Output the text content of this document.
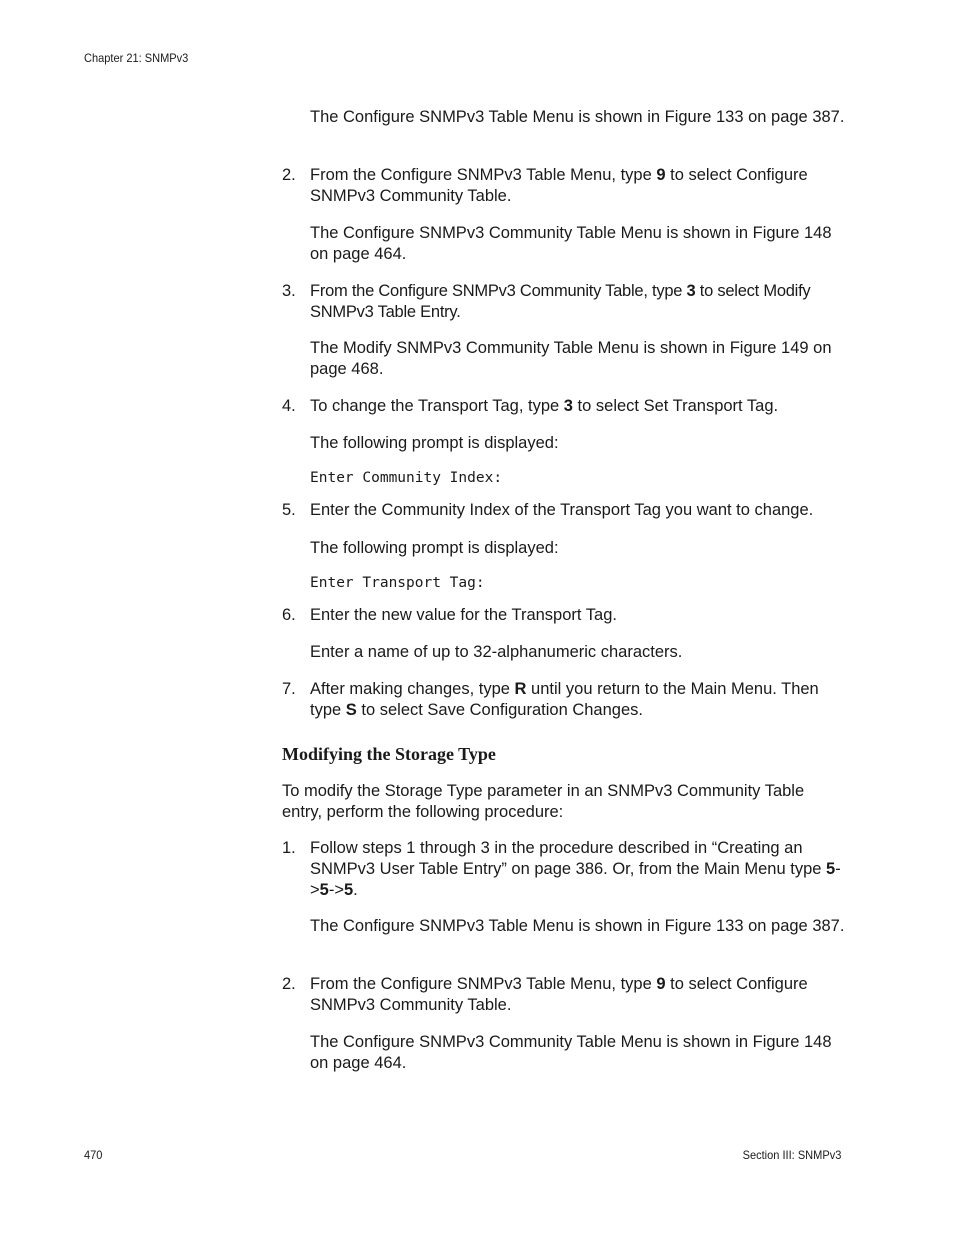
Chapter 21: SNMPv3
The Configure SNMPv3 Table Menu is shown in Figure 133 on page 387.
2. From the Configure SNMPv3 Table Menu, type 9 to select Configure SNMPv3 Community Table.
The Configure SNMPv3 Community Table Menu is shown in Figure 148 on page 464.
3. From the Configure SNMPv3 Community Table, type 3 to select Modify SNMPv3 Table Entry.
The Modify SNMPv3 Community Table Menu is shown in Figure 149 on page 468.
4. To change the Transport Tag, type 3 to select Set Transport Tag.
The following prompt is displayed:
Enter Community Index:
5. Enter the Community Index of the Transport Tag you want to change.
The following prompt is displayed:
Enter Transport Tag:
6. Enter the new value for the Transport Tag.
Enter a name of up to 32-alphanumeric characters.
7. After making changes, type R until you return to the Main Menu. Then type S to select Save Configuration Changes.
Modifying the Storage Type
To modify the Storage Type parameter in an SNMPv3 Community Table entry, perform the following procedure:
1. Follow steps 1 through 3 in the procedure described in “Creating an SNMPv3 User Table Entry” on page 386. Or, from the Main Menu type 5->5->5.
The Configure SNMPv3 Table Menu is shown in Figure 133 on page 387.
2. From the Configure SNMPv3 Table Menu, type 9 to select Configure SNMPv3 Community Table.
The Configure SNMPv3 Community Table Menu is shown in Figure 148 on page 464.
470	Section III: SNMPv3
